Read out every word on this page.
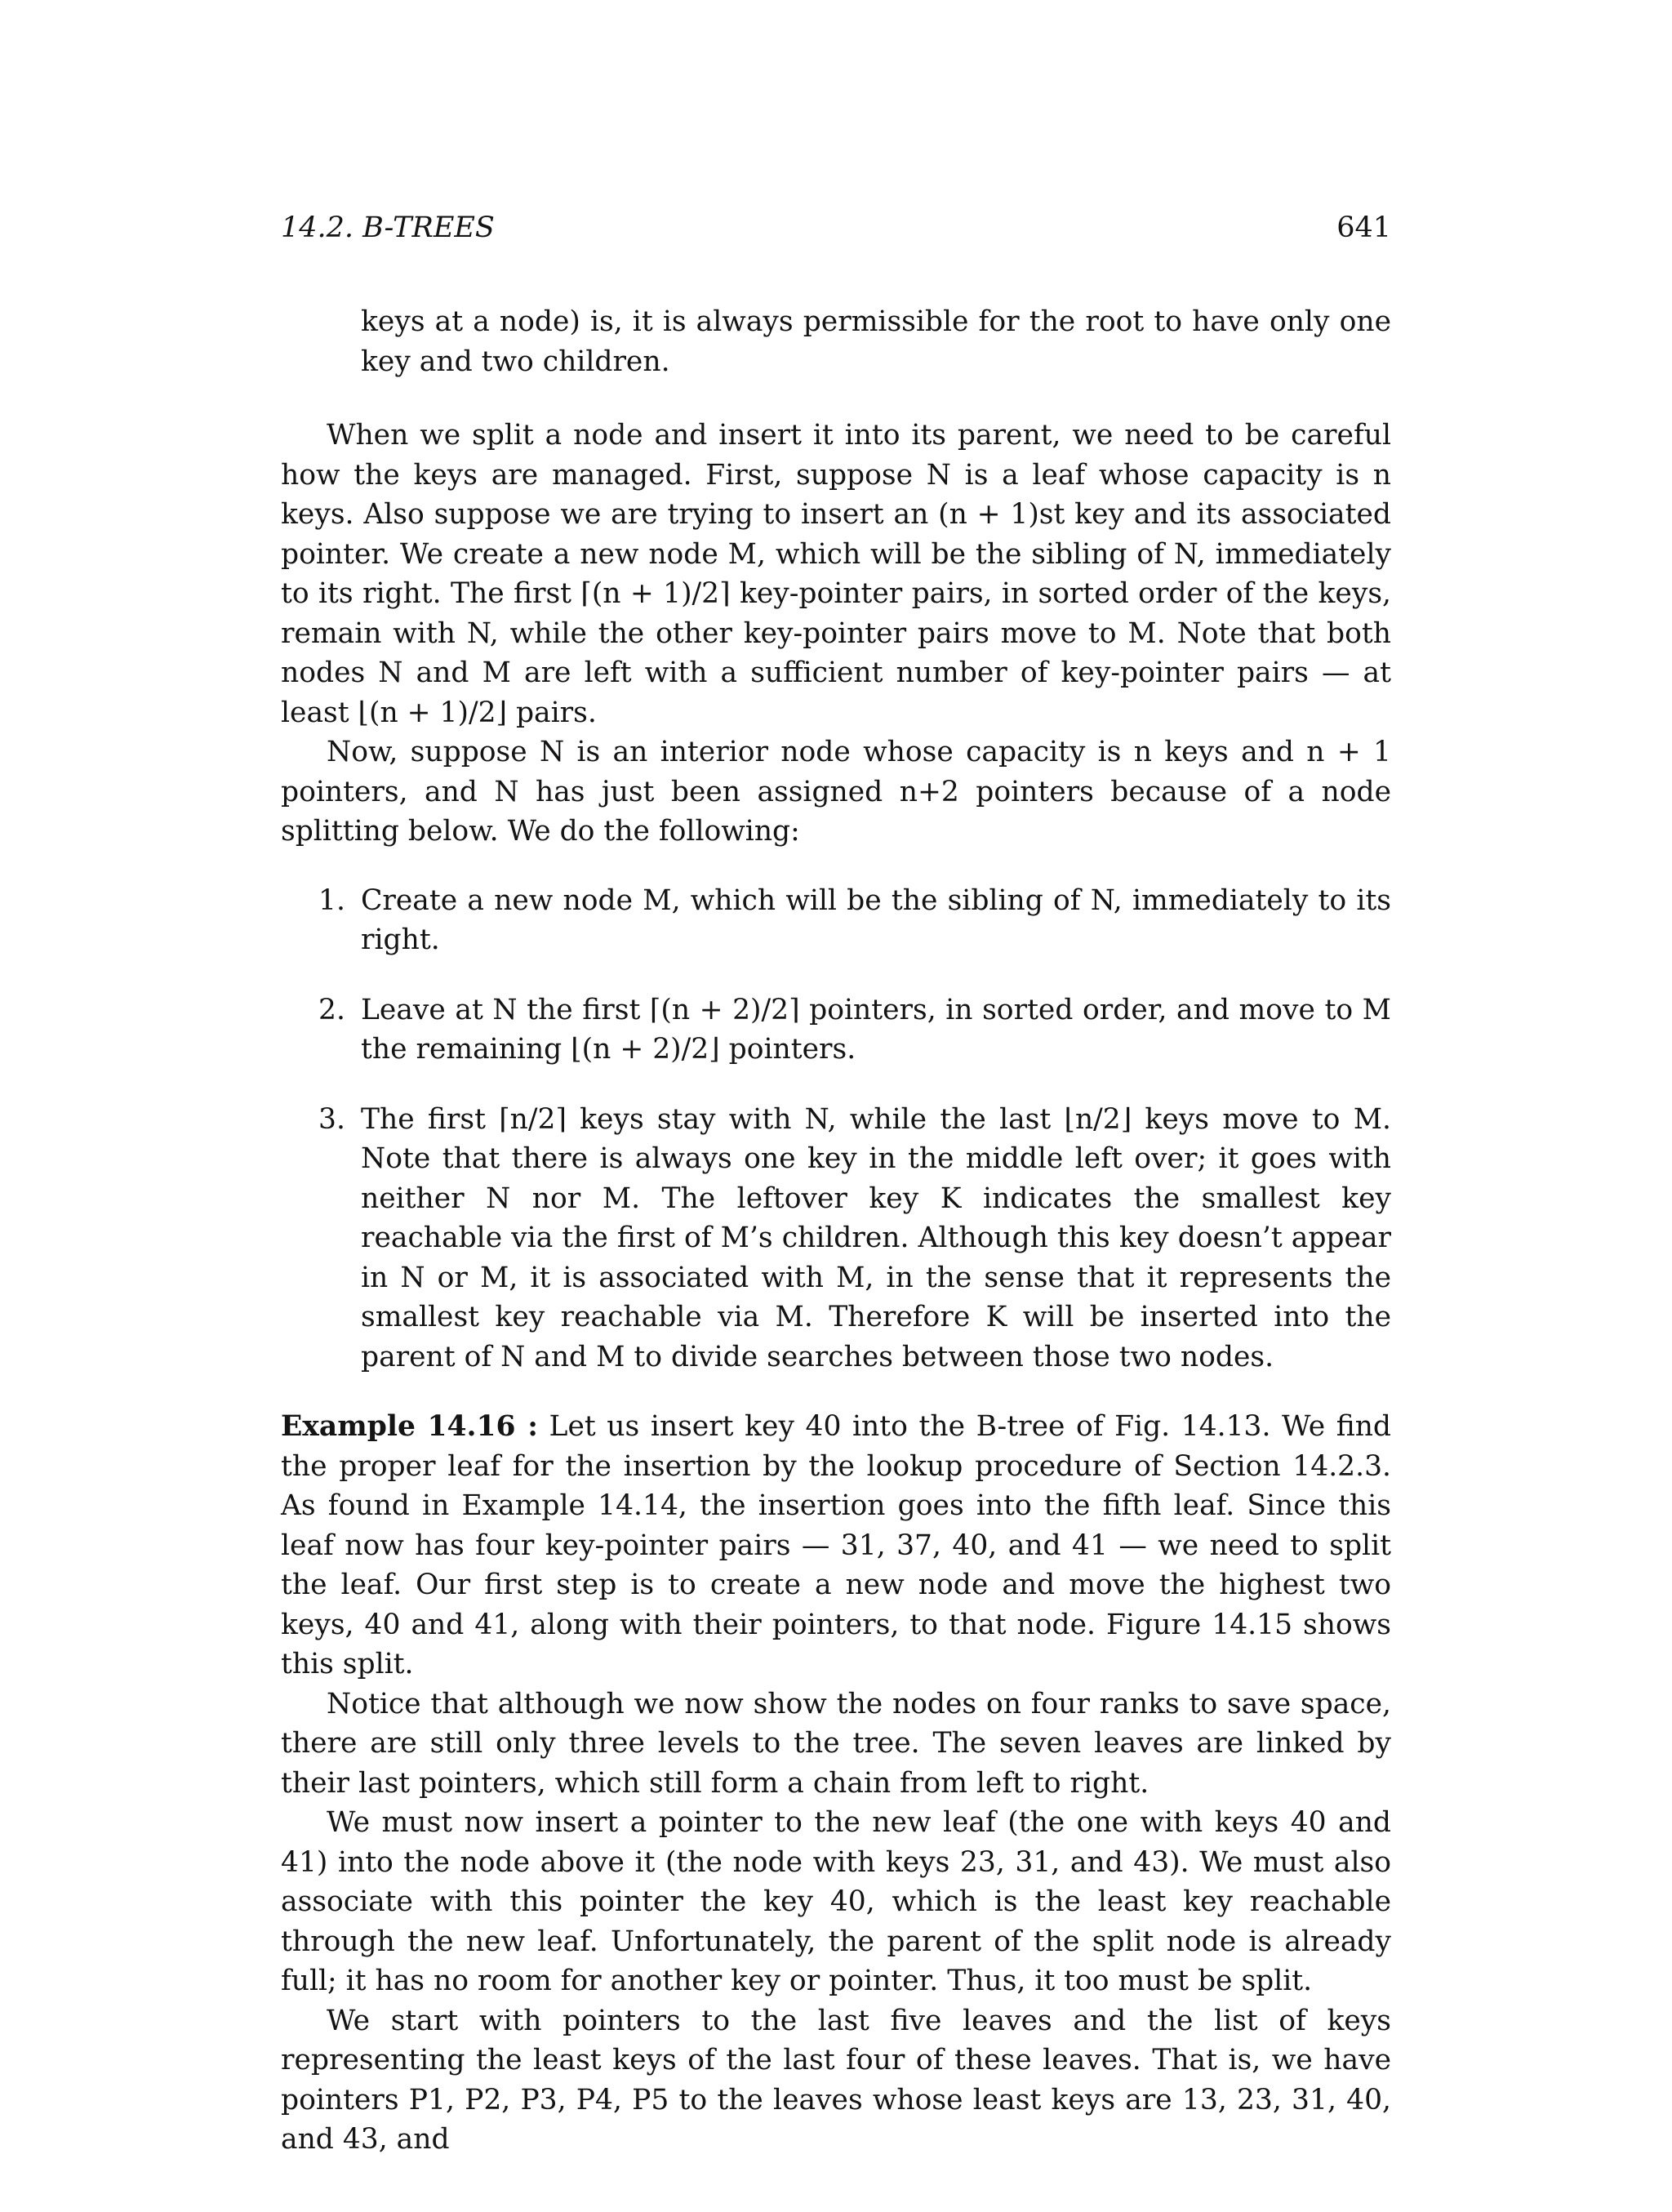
14.2. B-TREES	641

keys at a node) is, it is always permissible for the root to have only one key and two children.

When we split a node and insert it into its parent, we need to be careful how the keys are managed. First, suppose N is a leaf whose capacity is n keys. Also suppose we are trying to insert an (n + 1)st key and its associated pointer. We create a new node M, which will be the sibling of N, immediately to its right. The first ⌈(n + 1)/2⌉ key-pointer pairs, in sorted order of the keys, remain with N, while the other key-pointer pairs move to M. Note that both nodes N and M are left with a sufficient number of key-pointer pairs — at least ⌊(n + 1)/2⌋ pairs.

Now, suppose N is an interior node whose capacity is n keys and n + 1 pointers, and N has just been assigned n+2 pointers because of a node splitting below. We do the following:

1. Create a new node M, which will be the sibling of N, immediately to its right.
2. Leave at N the first ⌈(n + 2)/2⌉ pointers, in sorted order, and move to M the remaining ⌊(n + 2)/2⌋ pointers.
3. The first ⌈n/2⌉ keys stay with N, while the last ⌊n/2⌋ keys move to M. Note that there is always one key in the middle left over; it goes with neither N nor M. The leftover key K indicates the smallest key reachable via the first of M’s children. Although this key doesn’t appear in N or M, it is associated with M, in the sense that it represents the smallest key reachable via M. Therefore K will be inserted into the parent of N and M to divide searches between those two nodes.

Example 14.16 : Let us insert key 40 into the B-tree of Fig. 14.13. We find the proper leaf for the insertion by the lookup procedure of Section 14.2.3. As found in Example 14.14, the insertion goes into the fifth leaf. Since this leaf now has four key-pointer pairs — 31, 37, 40, and 41 — we need to split the leaf. Our first step is to create a new node and move the highest two keys, 40 and 41, along with their pointers, to that node. Figure 14.15 shows this split.

Notice that although we now show the nodes on four ranks to save space, there are still only three levels to the tree. The seven leaves are linked by their last pointers, which still form a chain from left to right.

We must now insert a pointer to the new leaf (the one with keys 40 and 41) into the node above it (the node with keys 23, 31, and 43). We must also associate with this pointer the key 40, which is the least key reachable through the new leaf. Unfortunately, the parent of the split node is already full; it has no room for another key or pointer. Thus, it too must be split.

We start with pointers to the last five leaves and the list of keys representing the least keys of the last four of these leaves. That is, we have pointers P1, P2, P3, P4, P5 to the leaves whose least keys are 13, 23, 31, 40, and 43, and
